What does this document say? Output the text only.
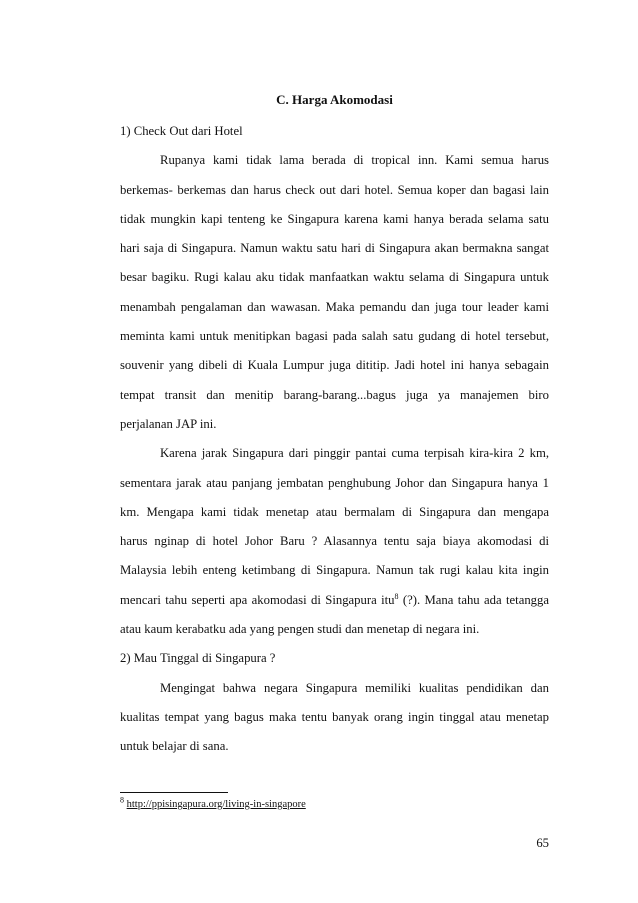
C. Harga Akomodasi
1) Check Out dari Hotel
Rupanya kami tidak lama berada di tropical inn. Kami semua harus
berkemas- berkemas dan harus check out dari hotel. Semua koper dan bagasi lain
tidak mungkin kapi tenteng ke Singapura karena kami hanya berada selama satu
hari saja di Singapura. Namun waktu satu hari di Singapura akan bermakna sangat
besar bagiku. Rugi kalau aku tidak manfaatkan waktu selama di Singapura untuk
menambah pengalaman dan wawasan. Maka pemandu dan juga tour leader kami
meminta kami untuk menitipkan bagasi pada salah satu gudang di hotel tersebut,
souvenir yang dibeli di Kuala Lumpur juga dititip. Jadi hotel ini hanya sebagain
tempat transit dan menitip barang-barang...bagus juga ya manajemen biro
perjalanan JAP ini.
Karena jarak Singapura dari pinggir pantai cuma terpisah kira-kira 2 km,
sementara jarak atau panjang jembatan penghubung Johor dan Singapura hanya 1
km. Mengapa kami tidak menetap atau bermalam di Singapura dan mengapa
harus nginap di hotel Johor Baru ? Alasannya tentu saja biaya akomodasi di
Malaysia lebih enteng ketimbang di Singapura. Namun tak rugi kalau kita ingin
mencari tahu seperti apa akomodasi di Singapura itu$^8$ (?). Mana tahu ada tetangga
atau kaum kerabatku ada yang pengen studi dan menetap di negara ini.
2) Mau Tinggal di Singapura ?
Mengingat bahwa negara Singapura memiliki kualitas pendidikan dan
kualitas tempat yang bagus maka tentu banyak orang ingin tinggal atau menetap
untuk belajar di sana.
$^8$ http://ppisingapura.org/living-in-singapore
65
